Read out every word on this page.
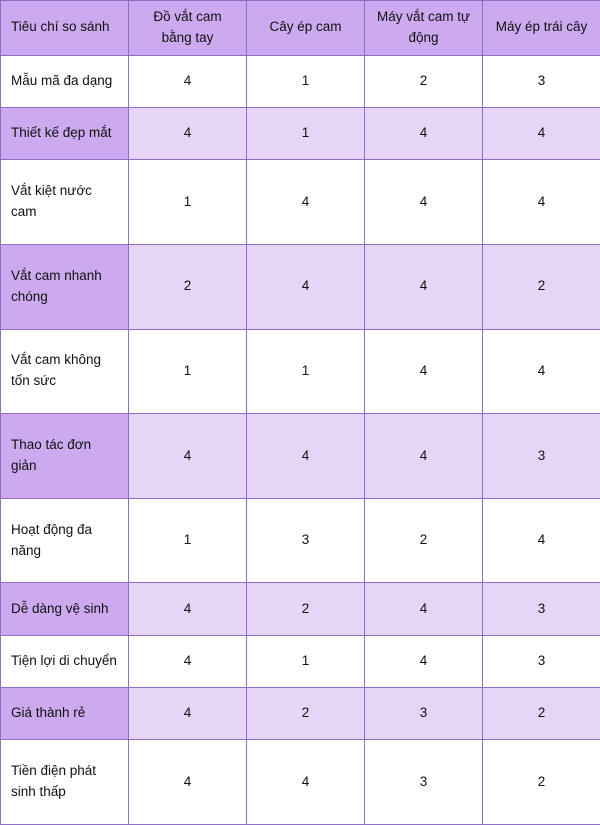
Tiêu chí so sánh	Đồ vắt cam bằng tay	Cây ép cam	Máy vắt cam tự động	Máy ép trái cây
Mẫu mã đa dạng	4	1	2	3
Thiết kế đẹp mắt	4	1	4	4
Vắt kiệt nước cam	1	4	4	4
Vắt cam nhanh chóng	2	4	4	2
Vắt cam không tốn sức	1	1	4	4
Thao tác đơn giản	4	4	4	3
Hoạt động đa năng	1	3	2	4
Dễ dàng vệ sinh	4	2	4	3
Tiện lợi di chuyển	4	1	4	3
Giá thành rẻ	4	2	3	2
Tiền điện phát sinh thấp	4	4	3	2
